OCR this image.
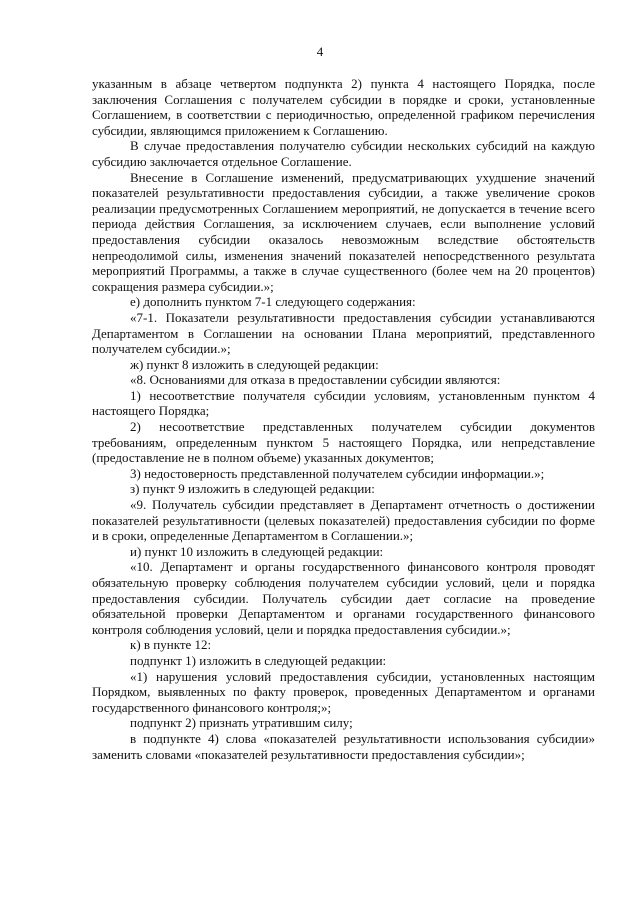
4

указанным в абзаце четвертом подпункта 2) пункта 4 настоящего Порядка, после заключения Соглашения с получателем субсидии в порядке и сроки, установленные Соглашением, в соответствии с периодичностью, определенной графиком перечисления субсидии, являющимся приложением к Соглашению.

В случае предоставления получателю субсидии нескольких субсидий на каждую субсидию заключается отдельное Соглашение.

Внесение в Соглашение изменений, предусматривающих ухудшение значений показателей результативности предоставления субсидии, а также увеличение сроков реализации предусмотренных Соглашением мероприятий, не допускается в течение всего периода действия Соглашения, за исключением случаев, если выполнение условий предоставления субсидии оказалось невозможным вследствие обстоятельств непреодолимой силы, изменения значений показателей непосредственного результата мероприятий Программы, а также в случае существенного (более чем на 20 процентов) сокращения размера субсидии.»;

е) дополнить пунктом 7-1 следующего содержания:

«7-1. Показатели результативности предоставления субсидии устанавливаются Департаментом в Соглашении на основании Плана мероприятий, представленного получателем субсидии.»;

ж) пункт 8 изложить в следующей редакции:

«8. Основаниями для отказа в предоставлении субсидии являются:

1) несоответствие получателя субсидии условиям, установленным пунктом 4 настоящего Порядка;

2) несоответствие представленных получателем субсидии документов требованиям, определенным пунктом 5 настоящего Порядка, или непредставление (предоставление не в полном объеме) указанных документов;

3) недостоверность представленной получателем субсидии информации.»;

з) пункт 9 изложить в следующей редакции:

«9. Получатель субсидии представляет в Департамент отчетность о достижении показателей результативности (целевых показателей) предоставления субсидии по форме и в сроки, определенные Департаментом в Соглашении.»;

и) пункт 10 изложить в следующей редакции:

«10. Департамент и органы государственного финансового контроля проводят обязательную проверку соблюдения получателем субсидии условий, цели и порядка предоставления субсидии. Получатель субсидии дает согласие на проведение обязательной проверки Департаментом и органами государственного финансового контроля соблюдения условий, цели и порядка предоставления субсидии.»;

к) в пункте 12:

подпункт 1) изложить в следующей редакции:

«1) нарушения условий предоставления субсидии, установленных настоящим Порядком, выявленных по факту проверок, проведенных Департаментом и органами государственного финансового контроля;»;

подпункт 2) признать утратившим силу;

в подпункте 4) слова «показателей результативности использования субсидии» заменить словами «показателей результативности предоставления субсидии»;
